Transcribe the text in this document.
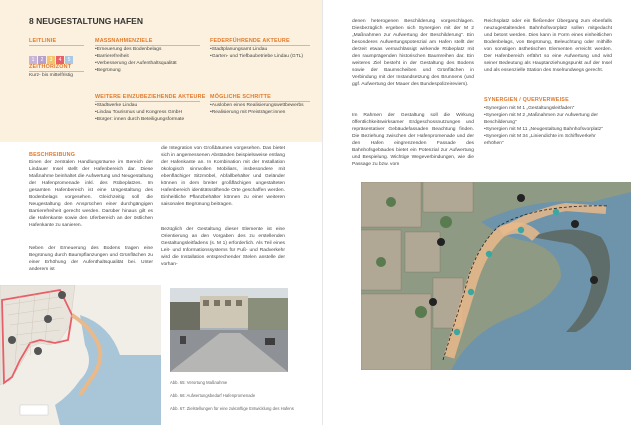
8 NEUGESTALTUNG HAFEN
LEITLINIE
1 2 3 4 5
ZEITHORIZONT
Kurz- bis mittelfristig
MASSNAHMENZIELE
• Erneuerung des Bodenbelags
• Barrierefreiheit
• Verbesserung der Aufenthaltsqualität
• Begrünung
FEDERFÜHRENDE AKTEURE
• Stadtplanungsamt Lindau
• Garten- und Tiefbaubetriebe Lindau (GTL)
WEITERE EINZUBEZIEHENDE AKTEURE
• Stadtwerke Lindau
• Lindau Tourismus und Kongress GmbH
• Bürger: innen durch Beteiligungsformate
MÖGLICHE SCHRITTE
• Ausloben eines Realisierungswettbewerbs
• Realisierung mit Preisträger:innen
BESCHREIBUNG
Einen der zentralen Handlungsräume im Bereich der Lindauer Insel stellt der Hafenbereich dar. Diese Maßnahme beinhaltet die Aufwertung und Neugestaltung der Hafenpromenade inkl. des Rübeplatzes. Im gesamten Hafenbereich ist eine Umgestaltung des Bodenbelags vorgesehen. Gleichzeitig soll die Neugestaltung den Ansprüchen einer durchgängigen Barrierefreiheit gerecht werden. Darüber hinaus gilt es die Hafenkante sowie den Uferbereich an der östlichen Hafenkante zu sanieren.
Neben der Erneuerung des Bodens tragen eine Begrünung durch Baumpflanzungen und Grünflächen zu einer Erhöhung der Aufenthaltsqualität bei. Unter anderem ist
die Integration von Großbäumen vorgesehen. Das bietet sich in angemessenen Abständen beispielsweise entlang der Hafenkante an. In Kombination mit der Installation ökologisch sinnvollen Mobiliars, insbesondere mit ebenflächiger Sitzmöbel, Abfallbehälter und Geländer können in dem breiter großflächigen ungestalteten Hafenbereich identitätsstiftende Orte geschaffen werden. Einheitliche Pflanzbehälter können zu einer weiteren saisonalen Begrünung beitragen.
Bezüglich der Gestaltung dieser Elemente ist eine Orientierung an den Vorgaben des zu erstellenden Gestaltungsleitfadens (s. M 1) erforderlich. Als Teil eines Leit- und Informationssystems für Fuß- und Radverkehr wird die Installation entsprechender Stelen anstelle der vorhan-
Abb. 65: Verortung Maßnahme
Abb. 66: Aufwertungsbedarf Hafenpromenade
Abb. 67: Zielstellungen für eine zukünftige Entwicklung des Hafens
denen heterogenen Beschilderung vorgeschlagen. Diesbezüglich ergeben sich Synergien mit der M 2 „Maßnahmen zur Aufwertung der Beschilderung“. Ein besonderes Aufwertungspotenzial am Hafen stellt der derzeit etwas vernachlässigt wirkende Rübeplatz mit den raumprägenden historischen Baumreihen dar. Ein weiteres Ziel besteht in der Gestaltung des Bodens sowie der Baumscheiben und Grünflächen in Verbindung mit der Instandsetzung des Brunnens (und ggf. Aufwertung der Mauer des Bundespolizeireviers).
Im Rahmen der Gestaltung soll die Wirkung öffentlichkeitswirksamer Erdgeschossnutzungen und repräsentativer Gebäudefassaden Beachtung finden. Die Beziehung zwischen der Hafenpromenade und der den Hafen eingrenzenden Fassade des Bahnhofsgebäudes bietet ein Potenzial zur Aufwertung und Bespielung. Wichtige Wegeverbindungen, wie die Passage zu bzw. vom
Reichsplatz oder ein fließender Übergang zum ebenfalls neuzugestaltenden Bahnhofsvorplatz sollen mitgedacht und betont werden. Dies kann in Form eines einheitlichen Bodenbelags, von Begrünung, Beleuchtung oder mithilfe von sonstigen ästhetischen Elementen erreicht werden. Der Hafenbereich erfährt so eine Aufwertung und wird seiner Bedeutung als Hauptanziehungspunkt auf der Insel und als essenzielle Station des Inselrundwegs gerecht.
SYNERGIEN / QUERVERWEISE
• Synergien mit M 1 „Gestaltungsleitfaden“
• Synergien mit M 2 „Maßnahmen zur Aufwertung der Beschilderung“
• Synergien mit M 11 „Neugestaltung Bahnhofsvorplatz“
• Synergien mit M 34 „Liniendichte im Schiffsverkehr erhöhen“
